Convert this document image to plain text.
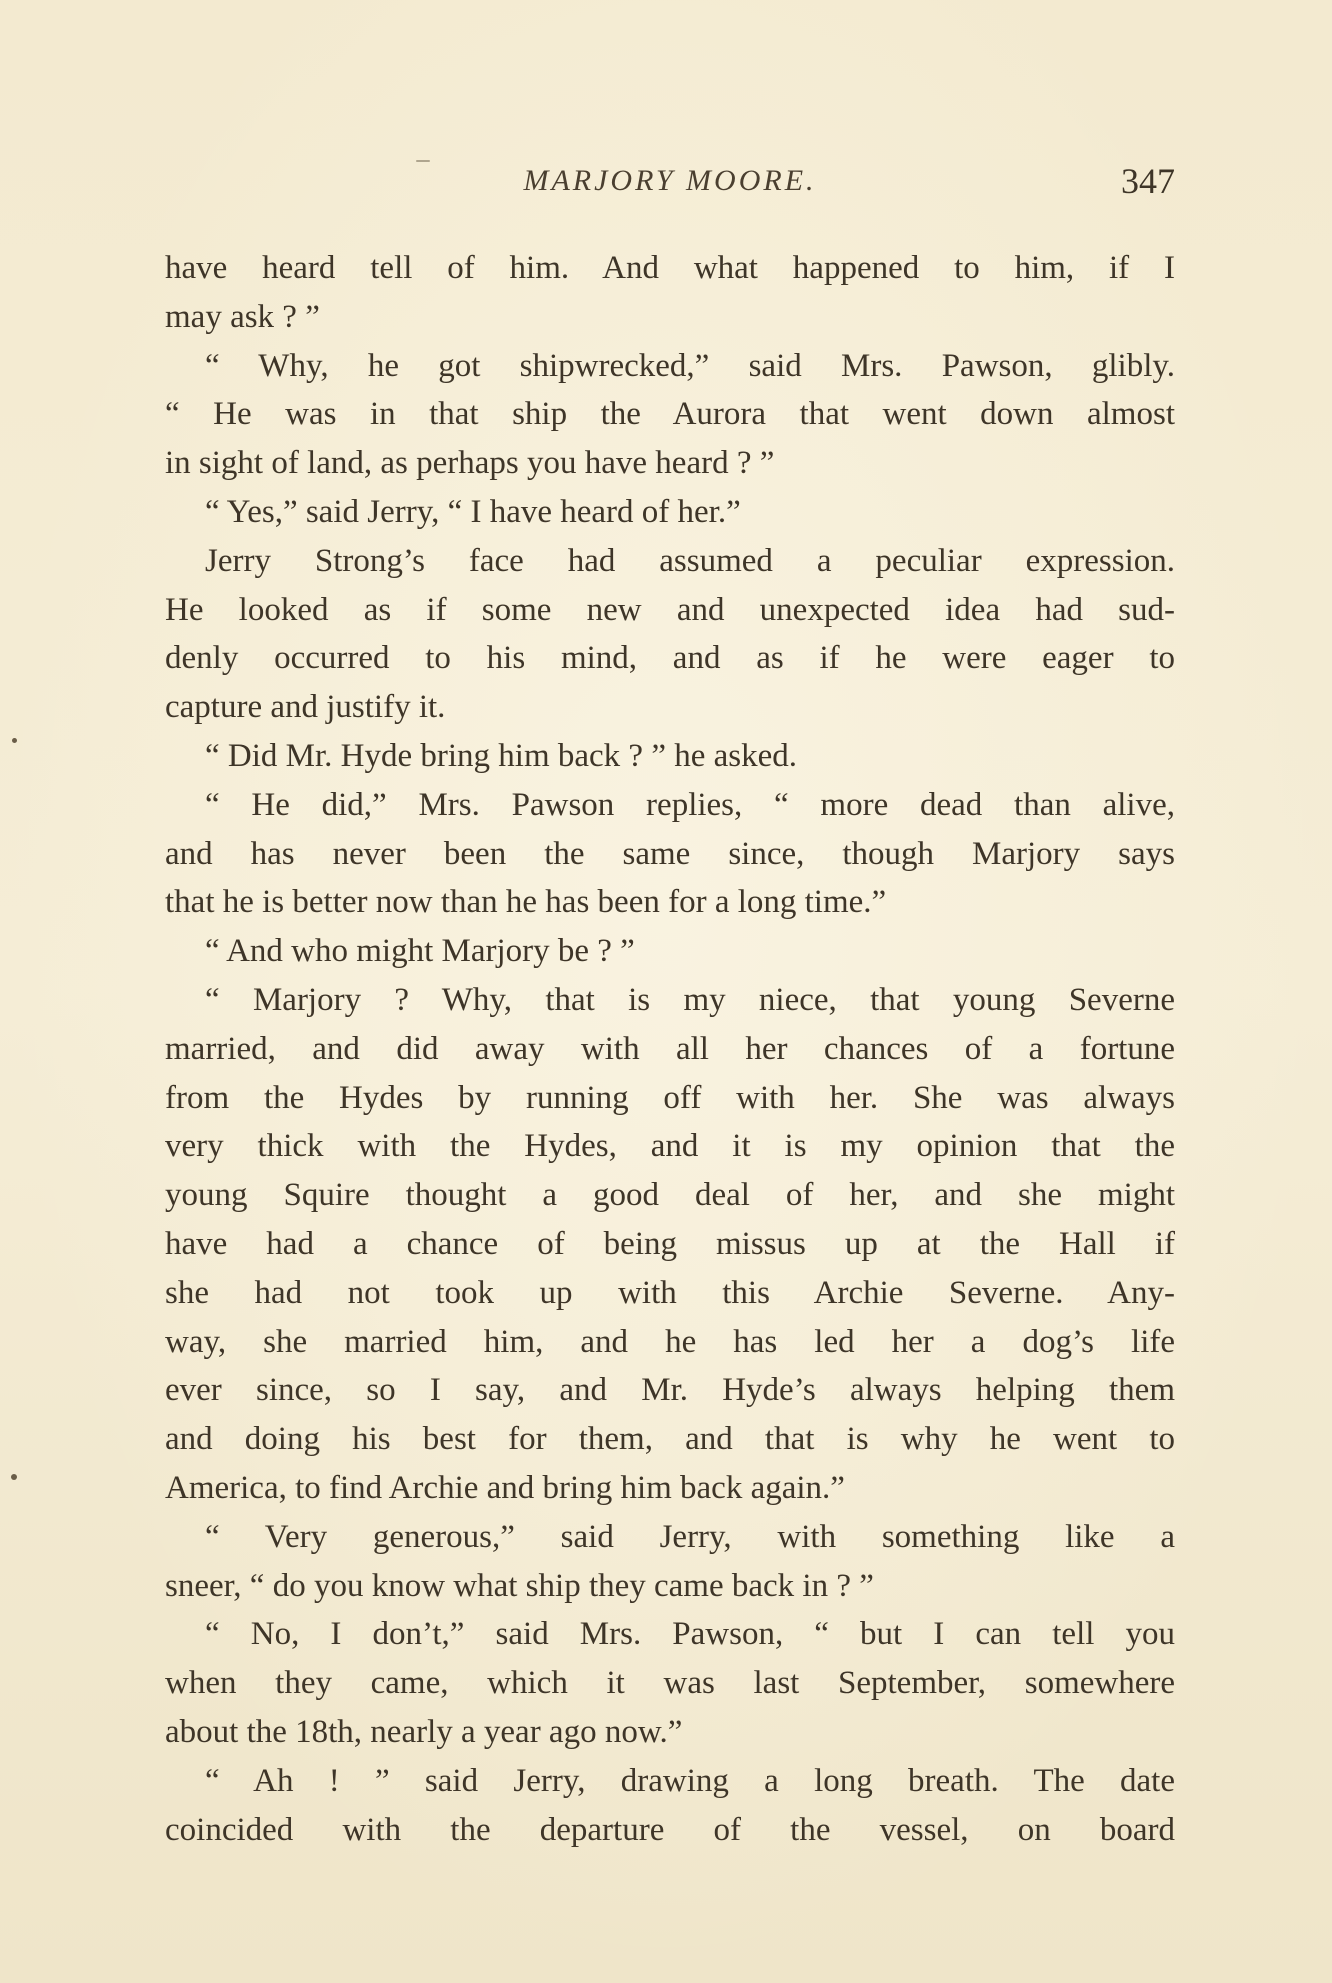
MARJORY MOORE.	347
have heard tell of him. And what happened to him, if I
may ask ? ”
“ Why, he got shipwrecked,” said Mrs. Pawson, glibly.
“ He was in that ship the Aurora that went down almost
in sight of land, as perhaps you have heard ? ”
“ Yes,” said Jerry, “ I have heard of her.”
Jerry Strong’s face had assumed a peculiar expression.
He looked as if some new and unexpected idea had sud-
denly occurred to his mind, and as if he were eager to
capture and justify it.
“ Did Mr. Hyde bring him back ? ” he asked.
“ He did,” Mrs. Pawson replies, “ more dead than alive,
and has never been the same since, though Marjory says
that he is better now than he has been for a long time.”
“ And who might Marjory be ? ”
“ Marjory ? Why, that is my niece, that young Severne
married, and did away with all her chances of a fortune
from the Hydes by running off with her. She was always
very thick with the Hydes, and it is my opinion that the
young Squire thought a good deal of her, and she might
have had a chance of being missus up at the Hall if
she had not took up with this Archie Severne. Any-
way, she married him, and he has led her a dog’s life
ever since, so I say, and Mr. Hyde’s always helping them
and doing his best for them, and that is why he went to
America, to find Archie and bring him back again.”
“ Very generous,” said Jerry, with something like a
sneer, “ do you know what ship they came back in ? ”
“ No, I don’t,” said Mrs. Pawson, “ but I can tell you
when they came, which it was last September, somewhere
about the 18th, nearly a year ago now.”
“ Ah ! ” said Jerry, drawing a long breath. The date
coincided with the departure of the vessel, on board
